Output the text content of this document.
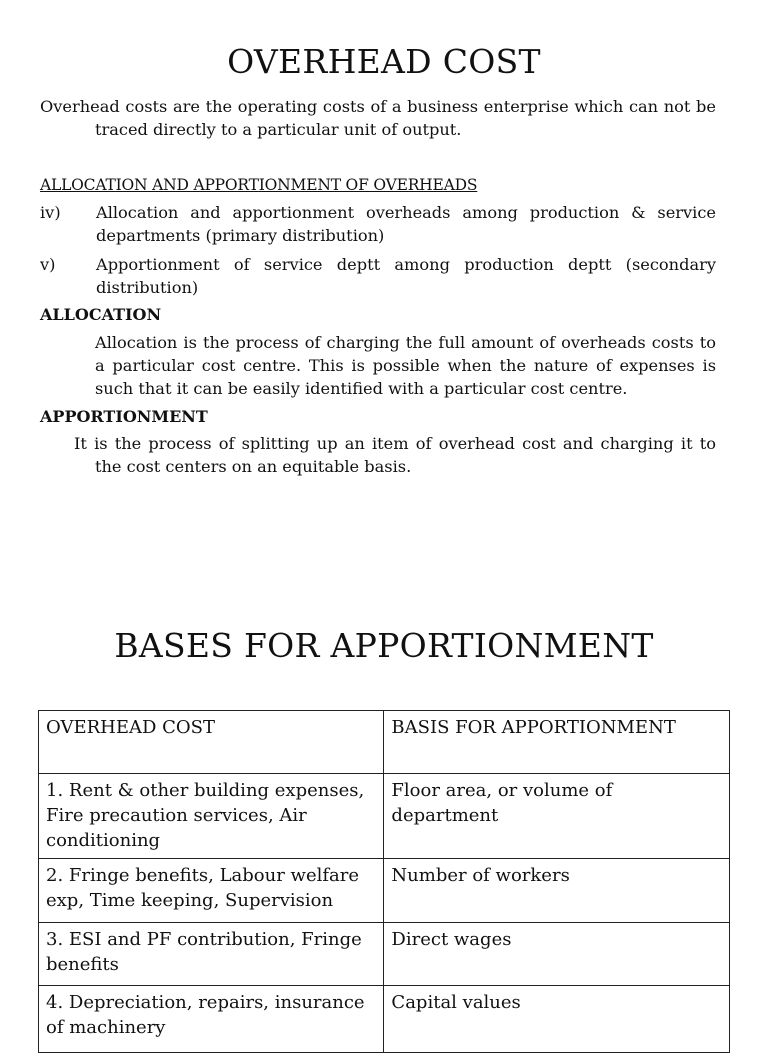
OVERHEAD COST
Overhead costs are the operating costs of a business enterprise which can not be traced directly to a particular unit of output.
ALLOCATION AND APPORTIONMENT OF OVERHEADS
iv)	Allocation and apportionment overheads among production & service departments (primary distribution)
v)	Apportionment of service deptt among production deptt (secondary distribution)
ALLOCATION
Allocation is the process of charging the full amount of overheads costs to a particular cost centre. This is possible when the nature of expenses is such that it can be easily identified with a particular cost centre.
APPORTIONMENT
It is the process of splitting up an item of overhead cost and charging it to the cost centers on an equitable basis.
BASES FOR APPORTIONMENT
OVERHEAD COST	BASIS FOR APPORTIONMENT
1. Rent & other building expenses, Fire precaution services, Air conditioning	Floor area, or volume of department
2. Fringe benefits, Labour welfare exp, Time keeping, Supervision	Number of workers
3. ESI and PF contribution, Fringe benefits	Direct wages
4. Depreciation, repairs, insurance of machinery	Capital values
